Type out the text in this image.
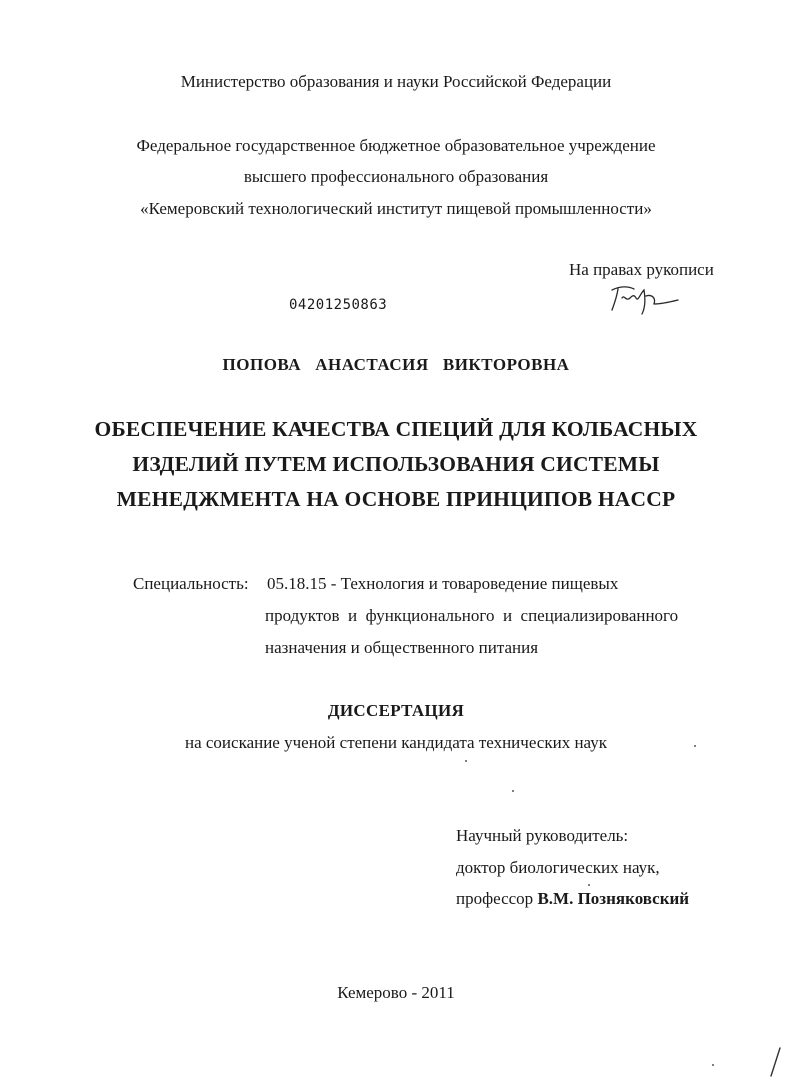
Министерство образования и науки Российской Федерации
Федеральное государственное бюджетное образовательное учреждение
высшего профессионального образования
«Кемеровский технологический институт пищевой промышленности»
На правах рукописи
04201250863
ПОПОВА   АНАСТАСИЯ   ВИКТОРОВНА
ОБЕСПЕЧЕНИЕ КАЧЕСТВА СПЕЦИЙ ДЛЯ КОЛБАСНЫХ
ИЗДЕЛИЙ ПУТЕМ ИСПОЛЬЗОВАНИЯ СИСТЕМЫ
МЕНЕДЖМЕНТА НА ОСНОВЕ ПРИНЦИПОВ HACCP
Специальность: 05.18.15 - Технология и товароведение пищевых
продуктов  и  функционального  и  специализированного
назначения и общественного питания
ДИССЕРТАЦИЯ
на соискание ученой степени кандидата технических наук
Научный руководитель:
доктор биологических наук,
профессор В.М. Позняковский
Кемерово - 2011
